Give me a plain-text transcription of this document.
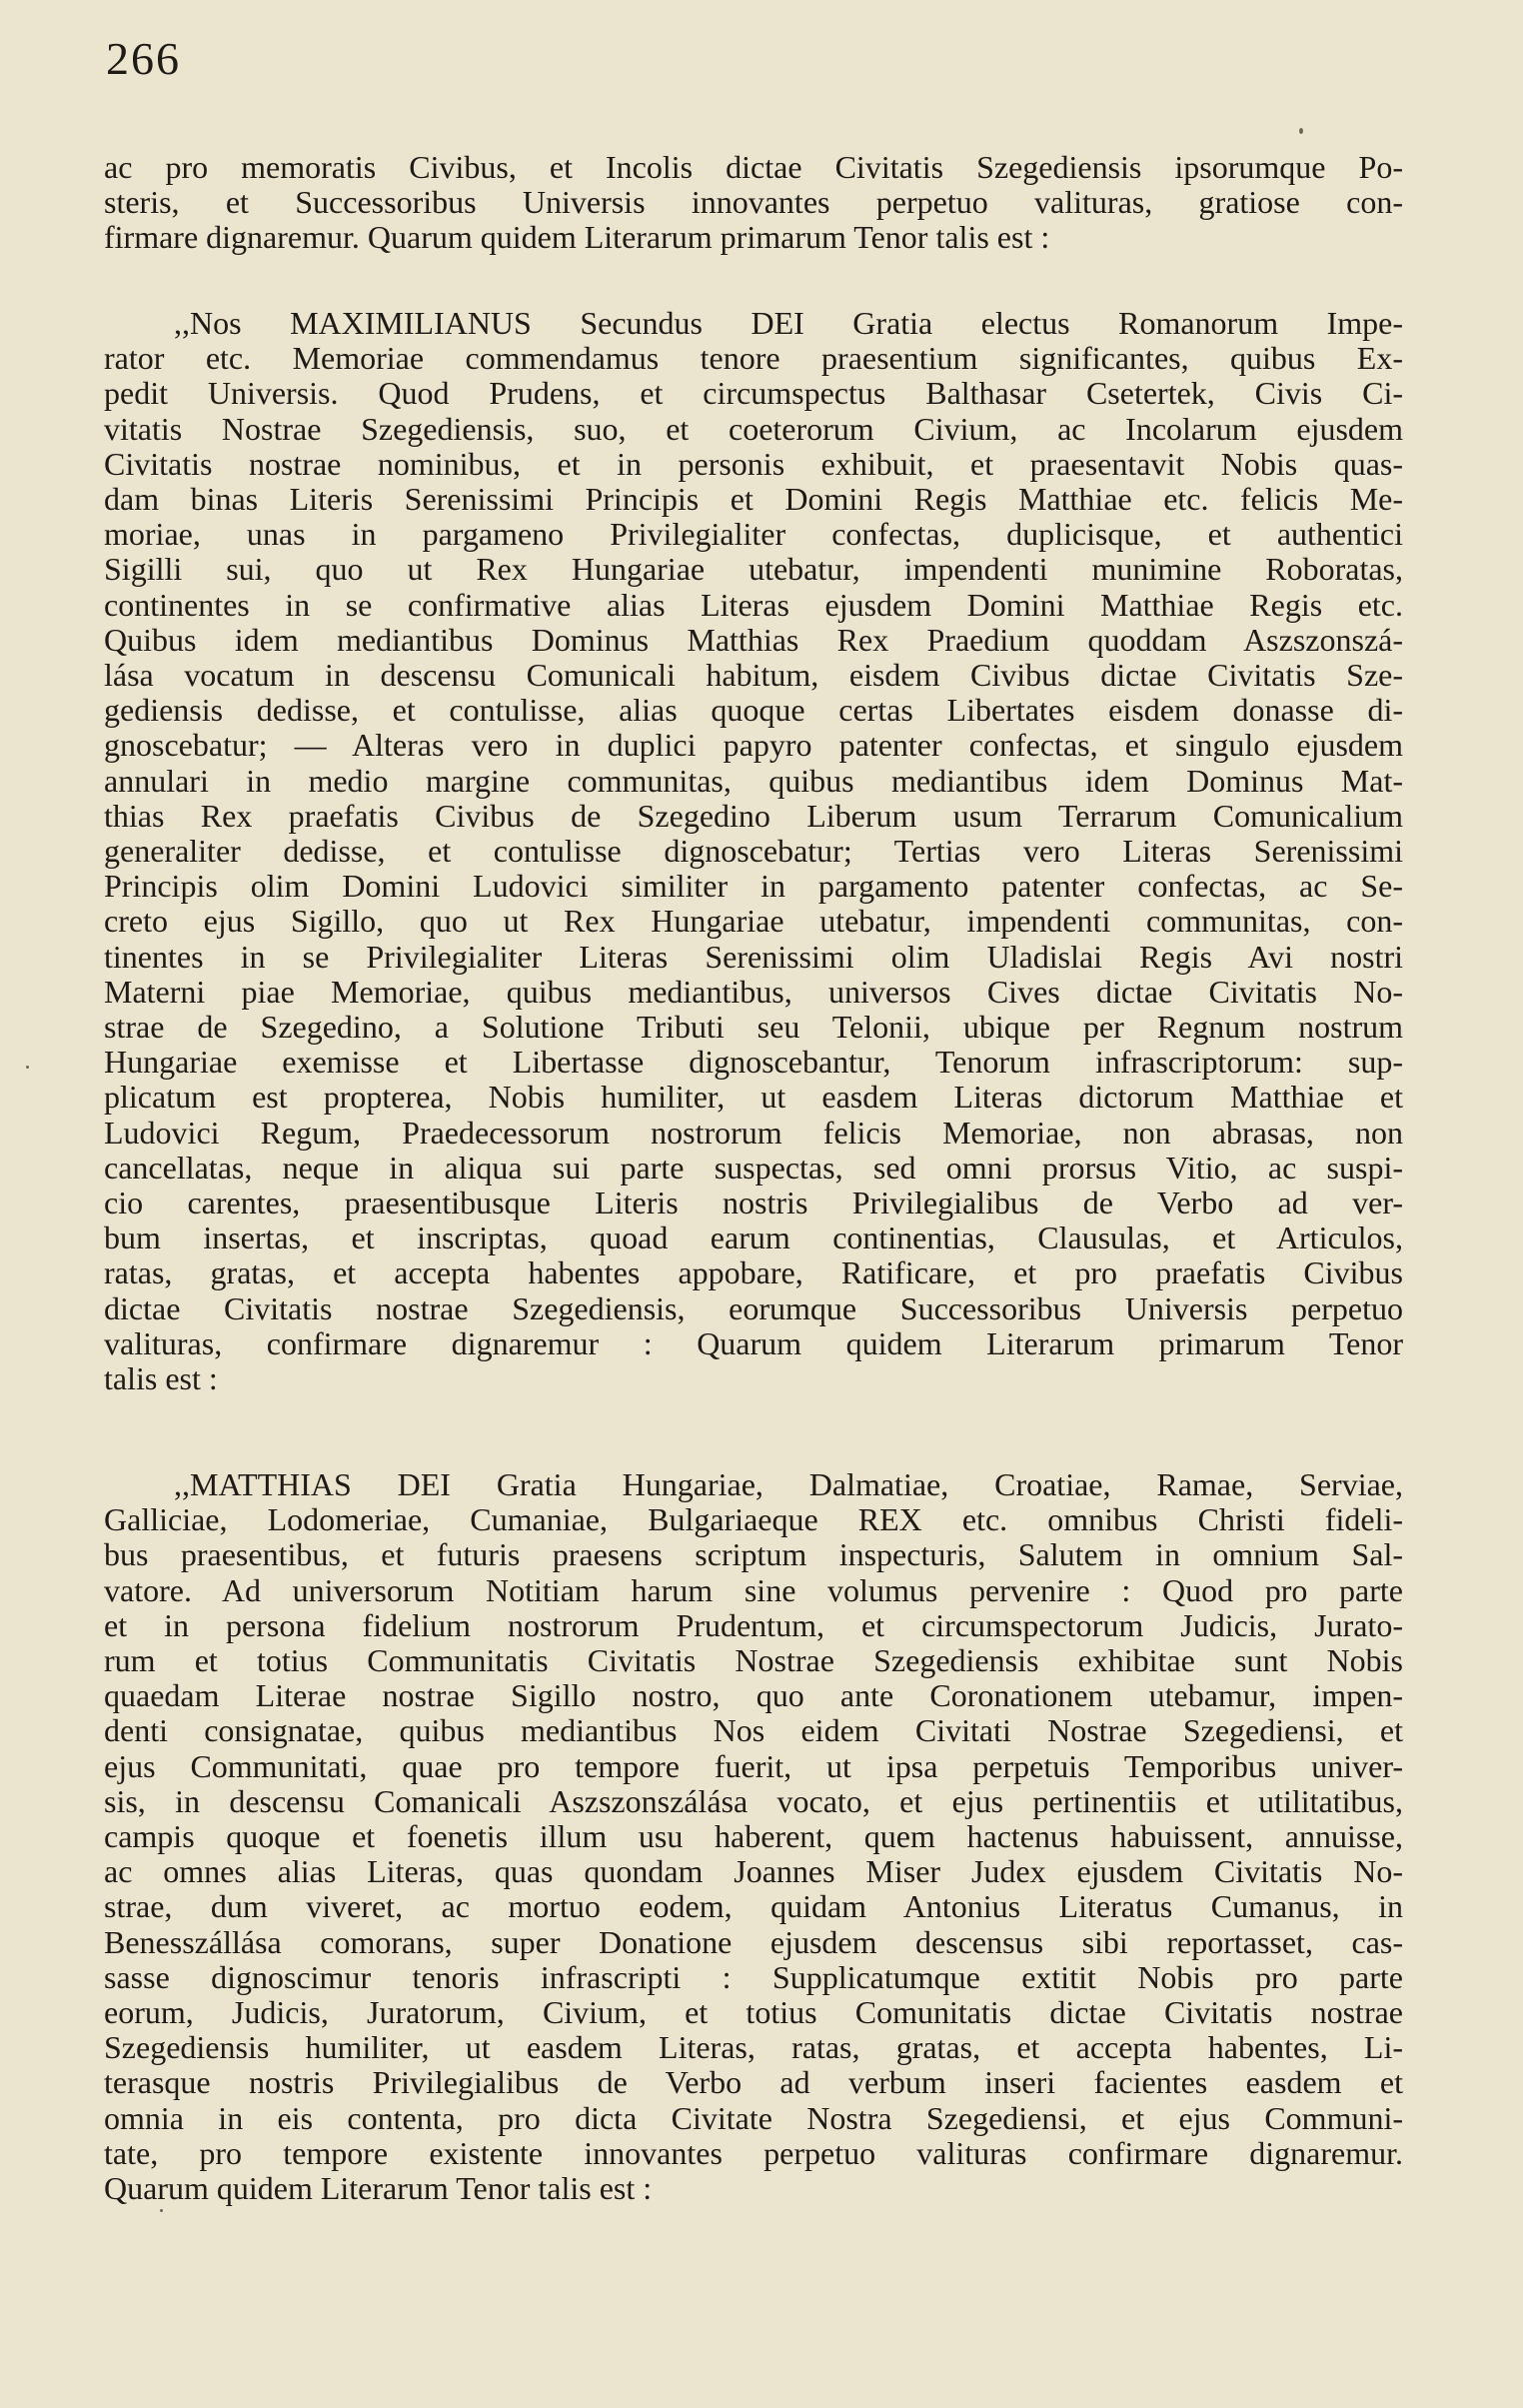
266
ac pro memoratis Civibus, et Incolis dictae Civitatis Szegediensis ipsorumque Po-
steris, et Successoribus Universis innovantes perpetuo valituras, gratiose con-
firmare dignaremur. Quarum quidem Literarum primarum Tenor talis est :
,,Nos MAXIMILIANUS Secundus DEI Gratia electus Romanorum Impe-
rator etc. Memoriae commendamus tenore praesentium significantes, quibus Ex-
pedit Universis. Quod Prudens, et circumspectus Balthasar Csetertek, Civis Ci-
vitatis Nostrae Szegediensis, suo, et coeterorum Civium, ac Incolarum ejusdem
Civitatis nostrae nominibus, et in personis exhibuit, et praesentavit Nobis quas-
dam binas Literis Serenissimi Principis et Domini Regis Matthiae etc. felicis Me-
moriae, unas in pargameno Privilegialiter confectas, duplicisque, et authentici
Sigilli sui, quo ut Rex Hungariae utebatur, impendenti munimine Roboratas,
continentes in se confirmative alias Literas ejusdem Domini Matthiae Regis etc.
Quibus idem mediantibus Dominus Matthias Rex Praedium quoddam Aszszonszá-
lása vocatum in descensu Comunicali habitum, eisdem Civibus dictae Civitatis Sze-
gediensis dedisse, et contulisse, alias quoque certas Libertates eisdem donasse di-
gnoscebatur; — Alteras vero in duplici papyro patenter confectas, et singulo ejusdem
annulari in medio margine communitas, quibus mediantibus idem Dominus Mat-
thias Rex praefatis Civibus de Szegedino Liberum usum Terrarum Comunicalium
generaliter dedisse, et contulisse dignoscebatur; Tertias vero Literas Serenissimi
Principis olim Domini Ludovici similiter in pargamento patenter confectas, ac Se-
creto ejus Sigillo, quo ut Rex Hungariae utebatur, impendenti communitas, con-
tinentes in se Privilegialiter Literas Serenissimi olim Uladislai Regis Avi nostri
Materni piae Memoriae, quibus mediantibus, universos Cives dictae Civitatis No-
strae de Szegedino, a Solutione Tributi seu Telonii, ubique per Regnum nostrum
Hungariae exemisse et Libertasse dignoscebantur, Tenorum infrascriptorum: sup-
plicatum est propterea, Nobis humiliter, ut easdem Literas dictorum Matthiae et
Ludovici Regum, Praedecessorum nostrorum felicis Memoriae, non abrasas, non
cancellatas, neque in aliqua sui parte suspectas, sed omni prorsus Vitio, ac suspi-
cio carentes, praesentibusque Literis nostris Privilegialibus de Verbo ad ver-
bum insertas, et inscriptas, quoad earum continentias, Clausulas, et Articulos,
ratas, gratas, et accepta habentes appobare, Ratificare, et pro praefatis Civibus
dictae Civitatis nostrae Szegediensis, eorumque Successoribus Universis perpetuo
valituras, confirmare dignaremur : Quarum quidem Literarum primarum Tenor
talis est :
,,MATTHIAS DEI Gratia Hungariae, Dalmatiae, Croatiae, Ramae, Serviae,
Galliciae, Lodomeriae, Cumaniae, Bulgariaeque REX etc. omnibus Christi fideli-
bus praesentibus, et futuris praesens scriptum inspecturis, Salutem in omnium Sal-
vatore. Ad universorum Notitiam harum sine volumus pervenire : Quod pro parte
et in persona fidelium nostrorum Prudentum, et circumspectorum Judicis, Jurato-
rum et totius Communitatis Civitatis Nostrae Szegediensis exhibitae sunt Nobis
quaedam Literae nostrae Sigillo nostro, quo ante Coronationem utebamur, impen-
denti consignatae, quibus mediantibus Nos eidem Civitati Nostrae Szegediensi, et
ejus Communitati, quae pro tempore fuerit, ut ipsa perpetuis Temporibus univer-
sis, in descensu Comanicali Aszszonszálása vocato, et ejus pertinentiis et utilitatibus,
campis quoque et foenetis illum usu haberent, quem hactenus habuissent, annuisse,
ac omnes alias Literas, quas quondam Joannes Miser Judex ejusdem Civitatis No-
strae, dum viveret, ac mortuo eodem, quidam Antonius Literatus Cumanus, in
Benesszállása comorans, super Donatione ejusdem descensus sibi reportasset, cas-
sasse dignoscimur tenoris infrascripti : Supplicatumque extitit Nobis pro parte
eorum, Judicis, Juratorum, Civium, et totius Comunitatis dictae Civitatis nostrae
Szegediensis humiliter, ut easdem Literas, ratas, gratas, et accepta habentes, Li-
terasque nostris Privilegialibus de Verbo ad verbum inseri facientes easdem et
omnia in eis contenta, pro dicta Civitate Nostra Szegediensi, et ejus Communi-
tate, pro tempore existente innovantes perpetuo valituras confirmare dignaremur.
Quarum quidem Literarum Tenor talis est :
